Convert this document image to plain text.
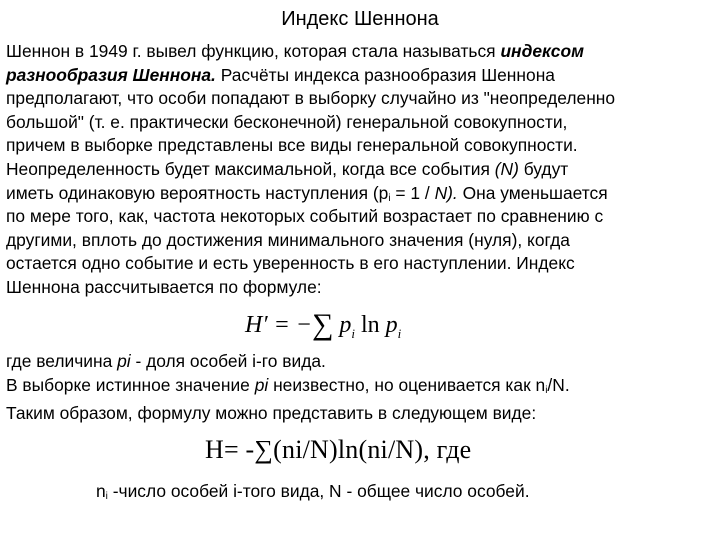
Индекс Шеннона
Шеннон в 1949 г. вывел функцию, которая стала называться индексом
разнообразия Шеннона. Расчёты индекса разнообразия Шеннона
предполагают, что особи попадают в выборку случайно из "неопределенно
большой" (т. е. практически бесконечной) генеральной совокупности,
причем в выборке представлены все виды генеральной совокупности.
Неопределенность будет максимальной, когда все события (N) будут
иметь одинаковую вероятность наступления $(p_i = 1 / N)$. Она уменьшается
по мере того, как, частота некоторых событий возрастает по сравнению с
другими, вплоть до достижения минимального значения (нуля), когда
остается одно событие и есть уверенность в его наступлении. Индекс
Шеннона рассчитывается по формуле:
H′ = −∑ $p_i$ $\ln p_i$
где величина pi - доля особей i-го вида.
В выборке истинное значение pi неизвестно, но оценивается как $n_i/N$.
Таким образом, формулу можно представить в следующем виде:
H= -∑(ni/N)ln(ni/N), где
$n_i$ -число особей i-того вида, N - общее число особей.
